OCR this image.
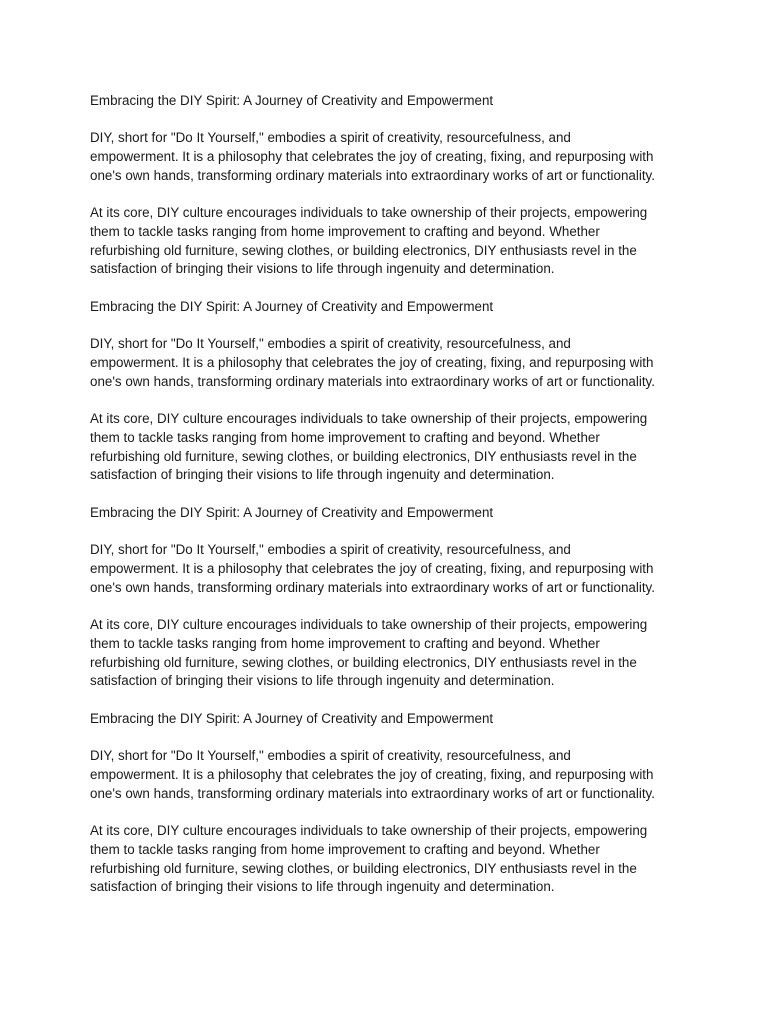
Embracing the DIY Spirit: A Journey of Creativity and Empowerment
DIY, short for "Do It Yourself," embodies a spirit of creativity, resourcefulness, and
empowerment. It is a philosophy that celebrates the joy of creating, fixing, and repurposing with
one's own hands, transforming ordinary materials into extraordinary works of art or functionality.
At its core, DIY culture encourages individuals to take ownership of their projects, empowering
them to tackle tasks ranging from home improvement to crafting and beyond. Whether
refurbishing old furniture, sewing clothes, or building electronics, DIY enthusiasts revel in the
satisfaction of bringing their visions to life through ingenuity and determination.
Embracing the DIY Spirit: A Journey of Creativity and Empowerment
DIY, short for "Do It Yourself," embodies a spirit of creativity, resourcefulness, and
empowerment. It is a philosophy that celebrates the joy of creating, fixing, and repurposing with
one's own hands, transforming ordinary materials into extraordinary works of art or functionality.
At its core, DIY culture encourages individuals to take ownership of their projects, empowering
them to tackle tasks ranging from home improvement to crafting and beyond. Whether
refurbishing old furniture, sewing clothes, or building electronics, DIY enthusiasts revel in the
satisfaction of bringing their visions to life through ingenuity and determination.
Embracing the DIY Spirit: A Journey of Creativity and Empowerment
DIY, short for "Do It Yourself," embodies a spirit of creativity, resourcefulness, and
empowerment. It is a philosophy that celebrates the joy of creating, fixing, and repurposing with
one's own hands, transforming ordinary materials into extraordinary works of art or functionality.
At its core, DIY culture encourages individuals to take ownership of their projects, empowering
them to tackle tasks ranging from home improvement to crafting and beyond. Whether
refurbishing old furniture, sewing clothes, or building electronics, DIY enthusiasts revel in the
satisfaction of bringing their visions to life through ingenuity and determination.
Embracing the DIY Spirit: A Journey of Creativity and Empowerment
DIY, short for "Do It Yourself," embodies a spirit of creativity, resourcefulness, and
empowerment. It is a philosophy that celebrates the joy of creating, fixing, and repurposing with
one's own hands, transforming ordinary materials into extraordinary works of art or functionality.
At its core, DIY culture encourages individuals to take ownership of their projects, empowering
them to tackle tasks ranging from home improvement to crafting and beyond. Whether
refurbishing old furniture, sewing clothes, or building electronics, DIY enthusiasts revel in the
satisfaction of bringing their visions to life through ingenuity and determination.
